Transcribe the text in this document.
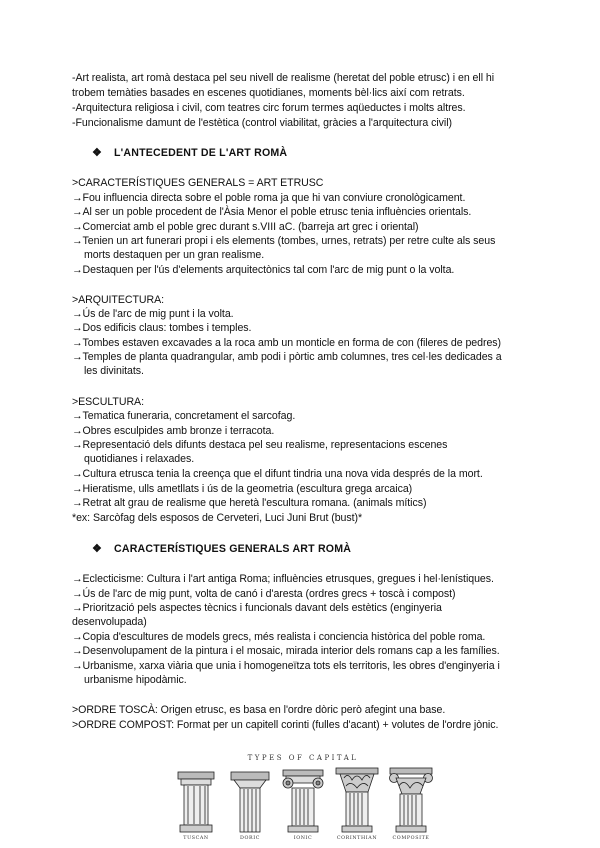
-Art realista, art romà destaca pel seu nivell de realisme (heretat del poble etrusc) i en ell hi
trobem temàties basades en escenes quotidianes, moments bèl·lics així com retrats.
-Arquitectura religiosa i civil, com teatres circ forum termes aqüeductes i molts altres.
-Funcionalisme damunt de l'estètica (control viabilitat, gràcies a l'arquitectura civil)
❖ L'ANTECEDENT DE L'ART ROMÀ
>CARACTERÍSTIQUES GENERALS = ART ETRUSC
→Fou influencia directa sobre el poble roma ja que hi van conviure cronològicament.
→Al ser un poble procedent de l'Àsia Menor el poble etrusc tenia influències orientals.
→Comerciat amb el poble grec durant s.VIII aC. (barreja art grec i oriental)
→Tenien un art funerari propi i els elements (tombes, urnes, retrats) per retre culte als seus
morts destaquen per un gran realisme.
→Destaquen per l'ús d'elements arquitectònics tal com l'arc de mig punt o la volta.
>ARQUITECTURA:
→Ús de l'arc de mig punt i la volta.
→Dos edificis claus: tombes i temples.
→Tombes estaven excavades a la roca amb un monticle en forma de con (fileres de pedres)
→Temples de planta quadrangular, amb podi i pòrtic amb columnes, tres cel·les dedicades a
les divinitats.
>ESCULTURA:
→Tematica funeraria, concretament el sarcofag.
→Obres esculpides amb bronze i terracota.
→Representació dels difunts destaca pel seu realisme, representacions escenes
quotidianes i relaxades.
→Cultura etrusca tenia la creença que el difunt tindria una nova vida després de la mort.
→Hieratisme, ulls ametllats i ús de la geometria (escultura grega arcaica)
→Retrat alt grau de realisme que heretà l'escultura romana. (animals mítics)
*ex: Sarcòfag dels esposos de Cerveteri, Luci Juni Brut (bust)*
❖ CARACTERÍSTIQUES GENERALS ART ROMÀ
→Eclecticisme: Cultura i l'art antiga Roma; influències etrusques, gregues i hel·lenístiques.
→Ús de l'arc de mig punt, volta de canó i d'aresta (ordres grecs + toscà i compost)
→Priorització pels aspectes tècnics i funcionals davant dels estètics (enginyeria
desenvolupada)
→Copia d'escultures de models grecs, més realista i conciencia històrica del poble roma.
→Desenvolupament de la pintura i el mosaic, mirada interior dels romans cap a les famílies.
→Urbanisme, xarxa viària que unia i homogeneïtza tots els territoris, les obres d'enginyeria i
urbanisme hipodàmic.
>ORDRE TOSCÀ: Origen etrusc, es basa en l'ordre dòric però afegint una base.
>ORDRE COMPOST: Format per un capitell corinti (fulles d'acant) + volutes de l'ordre jònic.
TYPES OF CAPITAL
TUSCAN	DORIC	IONIC	CORINTHIAN	COMPOSITE
